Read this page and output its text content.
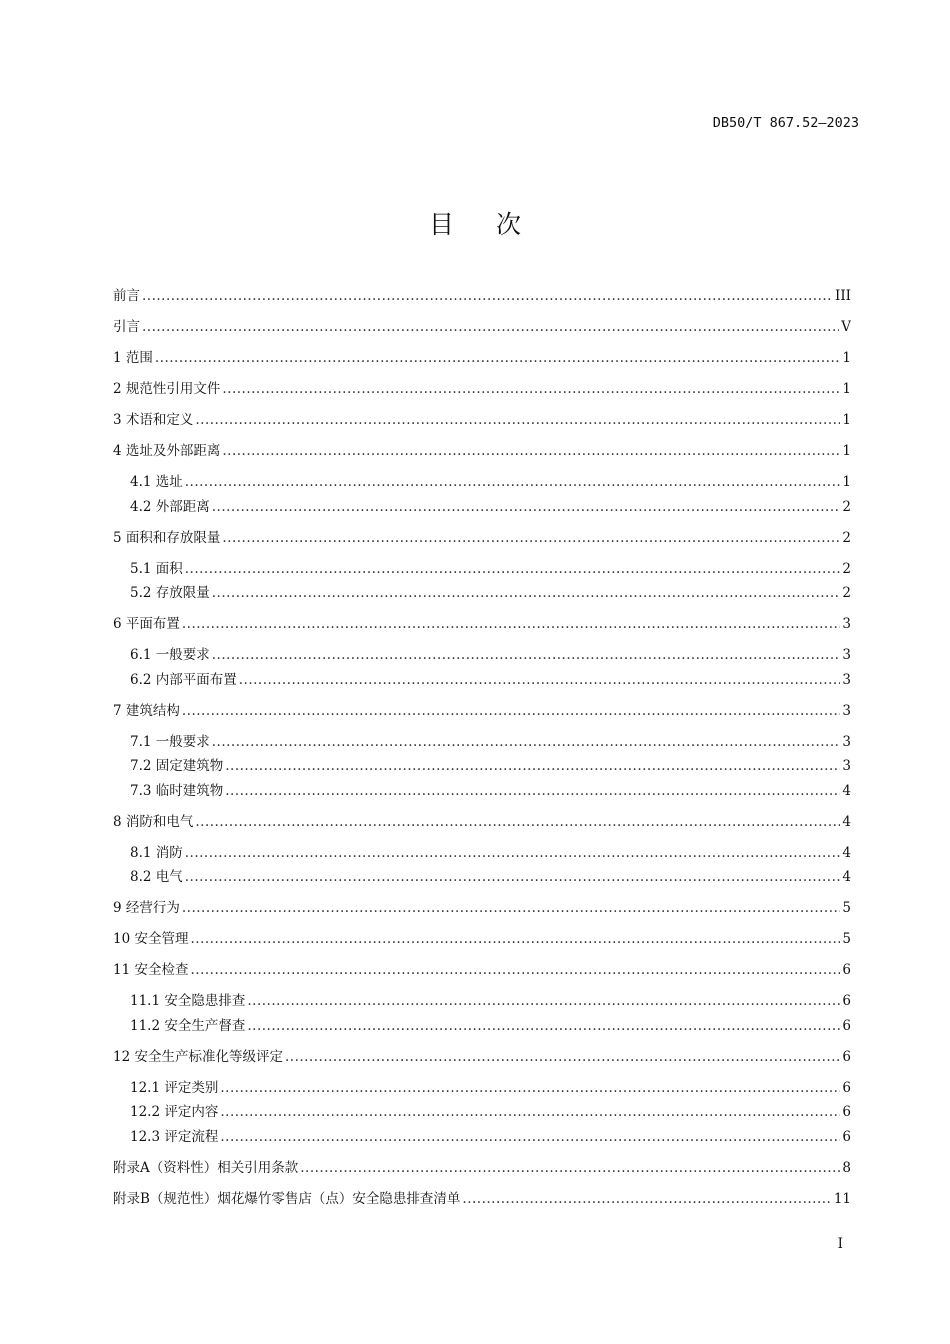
DB50/T 867.52—2023
目次
前言 .....	III
引言 .....	V
1 范围 .....	1
2 规范性引用文件 .....	1
3 术语和定义 .....	1
4 选址及外部距离 .....	1
4.1 选址 .....	1
4.2 外部距离 .....	2
5 面积和存放限量 .....	2
5.1 面积 .....	2
5.2 存放限量 .....	2
6 平面布置 .....	3
6.1 一般要求 .....	3
6.2 内部平面布置 .....	3
7 建筑结构 .....	3
7.1 一般要求 .....	3
7.2 固定建筑物 .....	3
7.3 临时建筑物 .....	4
8 消防和电气 .....	4
8.1 消防 .....	4
8.2 电气 .....	4
9 经营行为 .....	5
10 安全管理 .....	5
11 安全检查 .....	6
11.1 安全隐患排查 .....	6
11.2 安全生产督查 .....	6
12 安全生产标准化等级评定 .....	6
12.1 评定类别 .....	6
12.2 评定内容 .....	6
12.3 评定流程 .....	6
附录A（资料性）相关引用条款 .....	8
附录B（规范性）烟花爆竹零售店（点）安全隐患排查清单 .....	11
I
